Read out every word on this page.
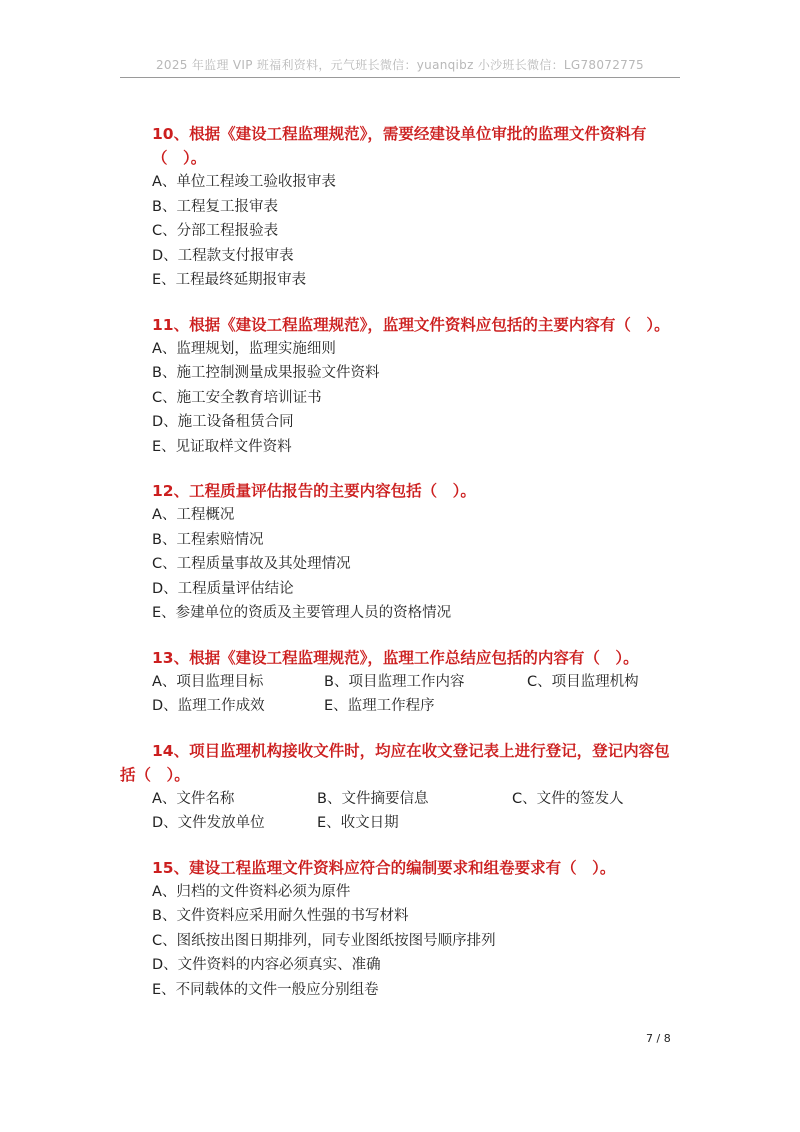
2025 年监理 VIP 班福利资料，元气班长微信：yuanqibz 小沙班长微信：LG78072775

10、根据《建设工程监理规范》，需要经建设单位审批的监理文件资料有（　）。

A、单位工程竣工验收报审表
B、工程复工报审表
C、分部工程报验表
D、工程款支付报审表
E、工程最终延期报审表

11、根据《建设工程监理规范》，监理文件资料应包括的主要内容有（　）。

A、监理规划，监理实施细则
B、施工控制测量成果报验文件资料
C、施工安全教育培训证书
D、施工设备租赁合同
E、见证取样文件资料

12、工程质量评估报告的主要内容包括（　）。

A、工程概况
B、工程索赔情况
C、工程质量事故及其处理情况
D、工程质量评估结论
E、参建单位的资质及主要管理人员的资格情况

13、根据《建设工程监理规范》，监理工作总结应包括的内容有（　）。

A、项目监理目标	B、项目监理工作内容	C、项目监理机构
D、监理工作成效	E、监理工作程序

14、项目监理机构接收文件时，均应在收文登记表上进行登记，登记内容包括（　）。

A、文件名称	B、文件摘要信息	C、文件的签发人
D、文件发放单位	E、收文日期

15、建设工程监理文件资料应符合的编制要求和组卷要求有（　）。

A、归档的文件资料必须为原件
B、文件资料应采用耐久性强的书写材料
C、图纸按出图日期排列，同专业图纸按图号顺序排列
D、文件资料的内容必须真实、准确
E、不同载体的文件一般应分别组卷
7 / 8
